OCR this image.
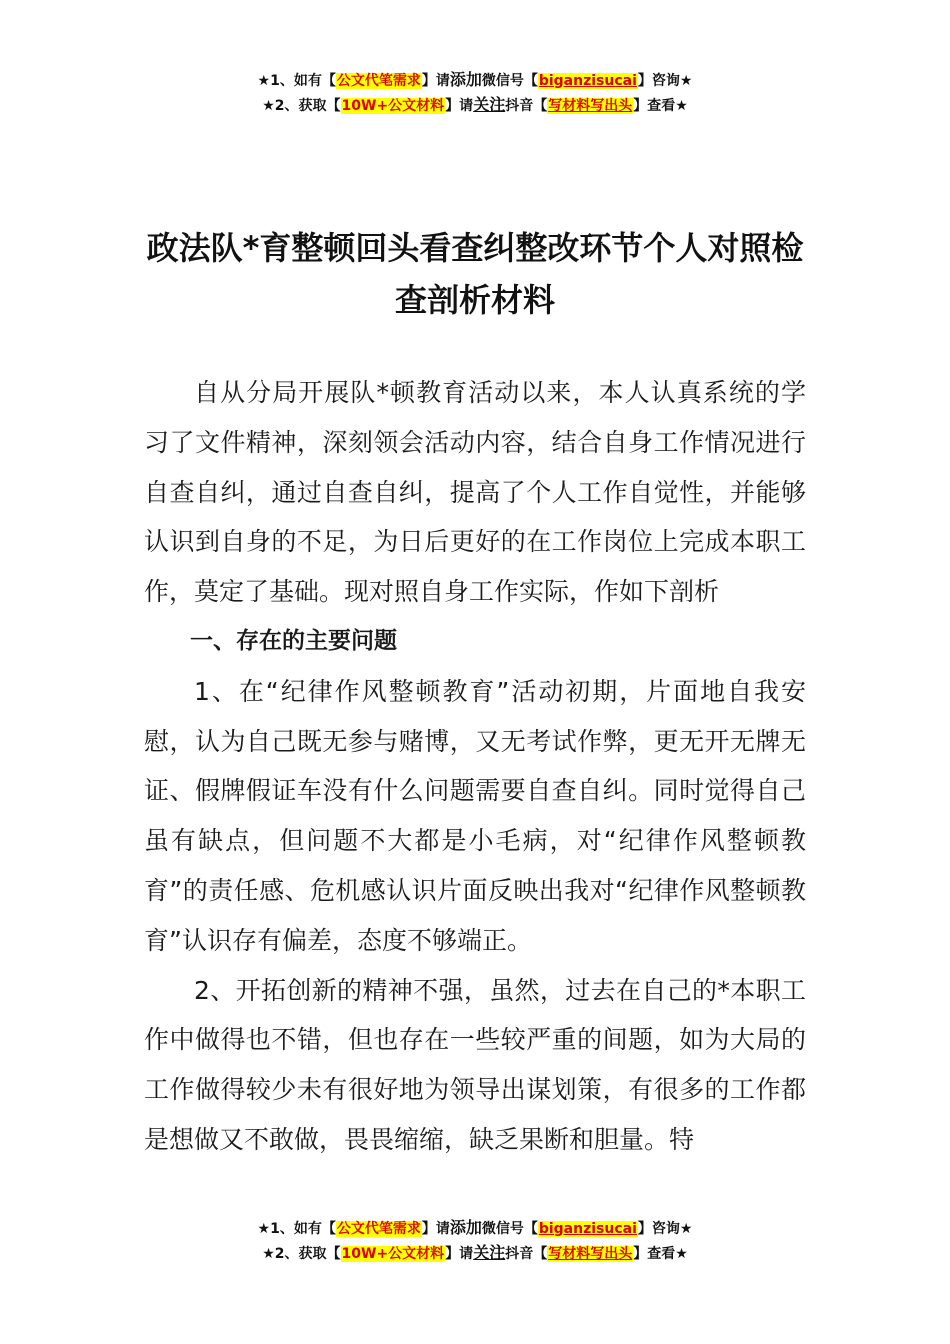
★1、如有【公文代笔需求】请添加微信号【biganzisucai】咨询★
★2、获取【10W+公文材料】请关注抖音【写材料写出头】查看★
政法队*育整顿回头看查纠整改环节个人对照检查剖析材料

自从分局开展队*顿教育活动以来，本人认真系统的学习了文件精神，深刻领会活动内容，结合自身工作情况进行自查自纠，通过自查自纠，提高了个人工作自觉性，并能够认识到自身的不足，为日后更好的在工作岗位上完成本职工作，莫定了基础。现对照自身工作实际，作如下剖析

一、存在的主要问题

1、在“纪律作风整顿教育”活动初期，片面地自我安慰，认为自己既无参与赌博，又无考试作弊，更无开无牌无证、假牌假证车没有什么问题需要自查自纠。同时觉得自己虽有缺点，但问题不大都是小毛病，对“纪律作风整顿教育”的责任感、危机感认识片面反映出我对“纪律作风整顿教育”认识存有偏差，态度不够端正。

2、开拓创新的精神不强，虽然，过去在自己的*本职工作中做得也不错，但也存在一些较严重的间题，如为大局的工作做得较少未有很好地为领导出谋划策，有很多的工作都是想做又不敢做，畏畏缩缩，缺乏果断和胆量。特

★1、如有【公文代笔需求】请添加微信号【biganzisucai】咨询★
★2、获取【10W+公文材料】请关注抖音【写材料写出头】查看★
